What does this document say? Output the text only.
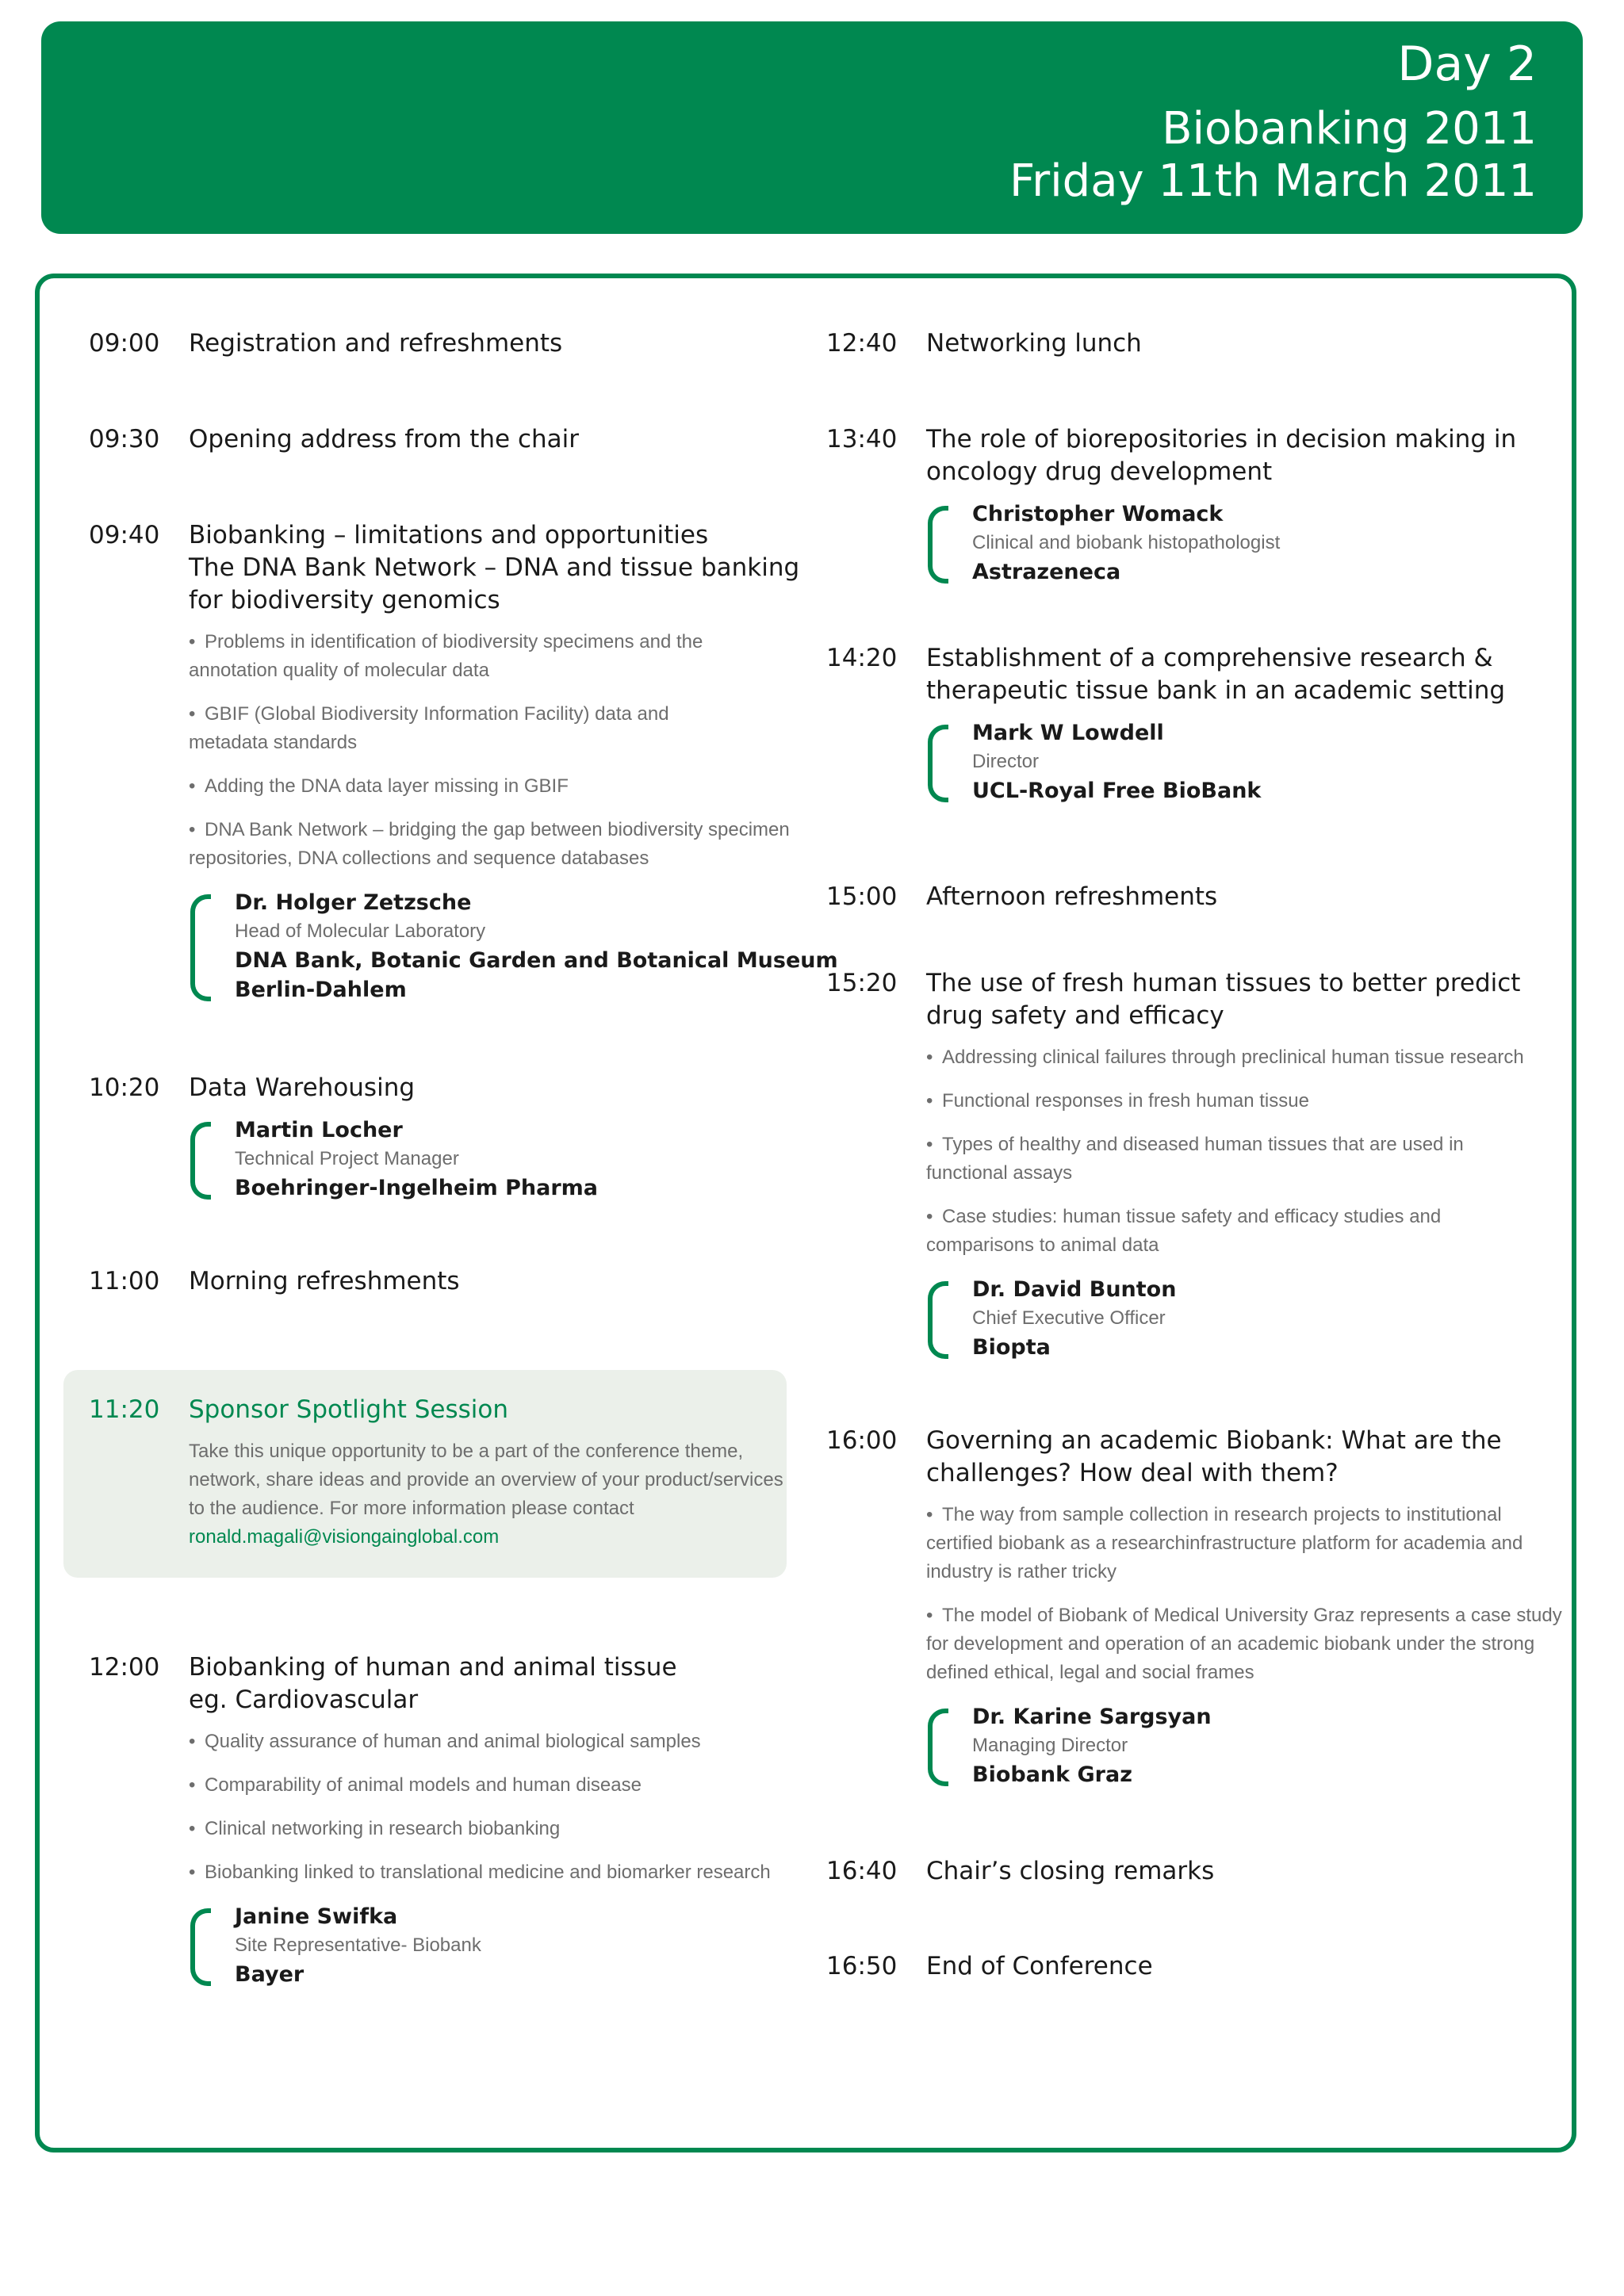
Day 2
Biobanking 2011
Friday 11th March 2011
11:20 Sponsor Spotlight Session
Take this unique opportunity to be a part of the conference theme,
network, share ideas and provide an overview of your product/services
to the audience. For more information please contact
ronald.magali@visiongainglobal.com
09:00 Registration and refreshments
09:30 Opening address from the chair
09:40 Biobanking – limitations and opportunities
The DNA Bank Network – DNA and tissue banking
for biodiversity genomics
• Problems in identification of biodiversity specimens and the
annotation quality of molecular data
• GBIF (Global Biodiversity Information Facility) data and
metadata standards
• Adding the DNA data layer missing in GBIF
• DNA Bank Network – bridging the gap between biodiversity specimen
repositories, DNA collections and sequence databases
Dr. Holger Zetzsche
Head of Molecular Laboratory
DNA Bank, Botanic Garden and Botanical Museum
Berlin-Dahlem
10:20 Data Warehousing
Martin Locher
Technical Project Manager
Boehringer-Ingelheim Pharma
11:00 Morning refreshments
12:00 Biobanking of human and animal tissue
eg. Cardiovascular
• Quality assurance of human and animal biological samples
• Comparability of animal models and human disease
• Clinical networking in research biobanking
• Biobanking linked to translational medicine and biomarker research
Janine Swifka
Site Representative- Biobank
Bayer
12:40 Networking lunch
13:40 The role of biorepositories in decision making in
oncology drug development
Christopher Womack
Clinical and biobank histopathologist
Astrazeneca
14:20 Establishment of a comprehensive research &
therapeutic tissue bank in an academic setting
Mark W Lowdell
Director
UCL-Royal Free BioBank
15:00 Afternoon refreshments
15:20 The use of fresh human tissues to better predict
drug safety and efficacy
• Addressing clinical failures through preclinical human tissue research
• Functional responses in fresh human tissue
• Types of healthy and diseased human tissues that are used in
functional assays
• Case studies: human tissue safety and efficacy studies and
comparisons to animal data
Dr. David Bunton
Chief Executive Officer
Biopta
16:00 Governing an academic Biobank: What are the
challenges? How deal with them?
• The way from sample collection in research projects to institutional
certified biobank as a researchinfrastructure platform for academia and
industry is rather tricky
• The model of Biobank of Medical University Graz represents a case study
for development and operation of an academic biobank under the strong
defined ethical, legal and social frames
Dr. Karine Sargsyan
Managing Director
Biobank Graz
16:40 Chair’s closing remarks
16:50 End of Conference
